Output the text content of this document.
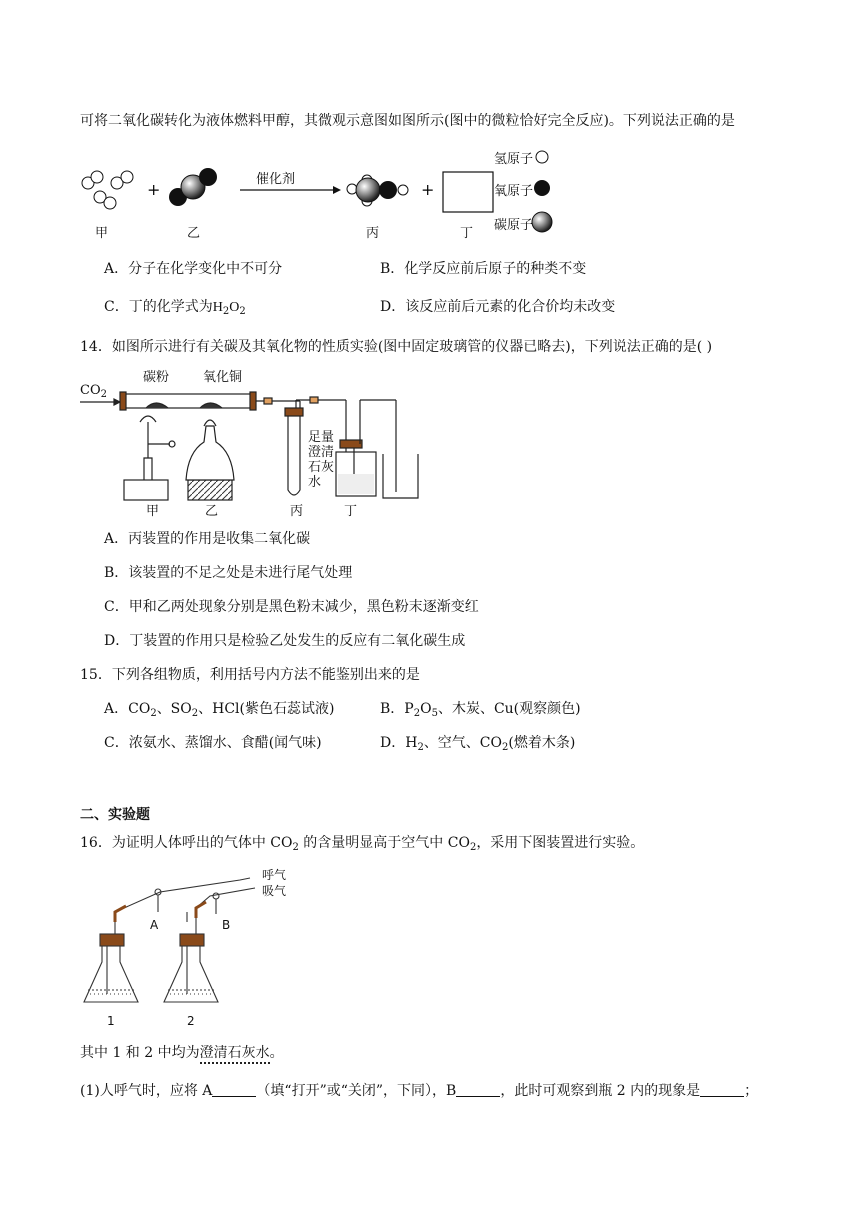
可将二氧化碳转化为液体燃料甲醇，其微观示意图如图所示(图中的微粒恰好完全反应)。下列说法正确的是
+	+
催化剂
氢原子
氧原子
碳原子
甲	乙	丙	丁
A．分子在化学变化中不可分	B．化学反应前后原子的种类不变
C．丁的化学式为$H_2O_2$	D．该反应前后元素的化合价均未改变
14．如图所示进行有关碳及其氧化物的性质实验(图中固定玻璃管的仪器已略去)，下列说法正确的是( )
$CO_2$
碳粉	氧化铜
足量
澄清
石灰
水
甲	乙	丙	丁
A．丙装置的作用是收集二氧化碳
B．该装置的不足之处是未进行尾气处理
C．甲和乙两处现象分别是黑色粉末减少，黑色粉末逐渐变红
D．丁装置的作用只是检验乙处发生的反应有二氧化碳生成
15．下列各组物质，利用括号内方法不能鉴别出来的是
A．$CO_2$、$SO_2$、HCl(紫色石蕊试液)	B．$P_2O_5$、木炭、Cu(观察颜色)
C．浓氨水、蒸馏水、食醋(闻气味)	D．$H_2$、空气、$CO_2$(燃着木条)
二、实验题
16．为证明人体呼出的气体中 $CO_2$ 的含量明显高于空气中 $CO_2$，采用下图装置进行实验。
呼气
吸气
A	B
1	2
其中 1 和 2 中均为澄清石灰水。
(1)人呼气时，应将 A	（填“打开”或“关闭”，下同），B	，此时可观察到瓶 2 内的现象是	；
